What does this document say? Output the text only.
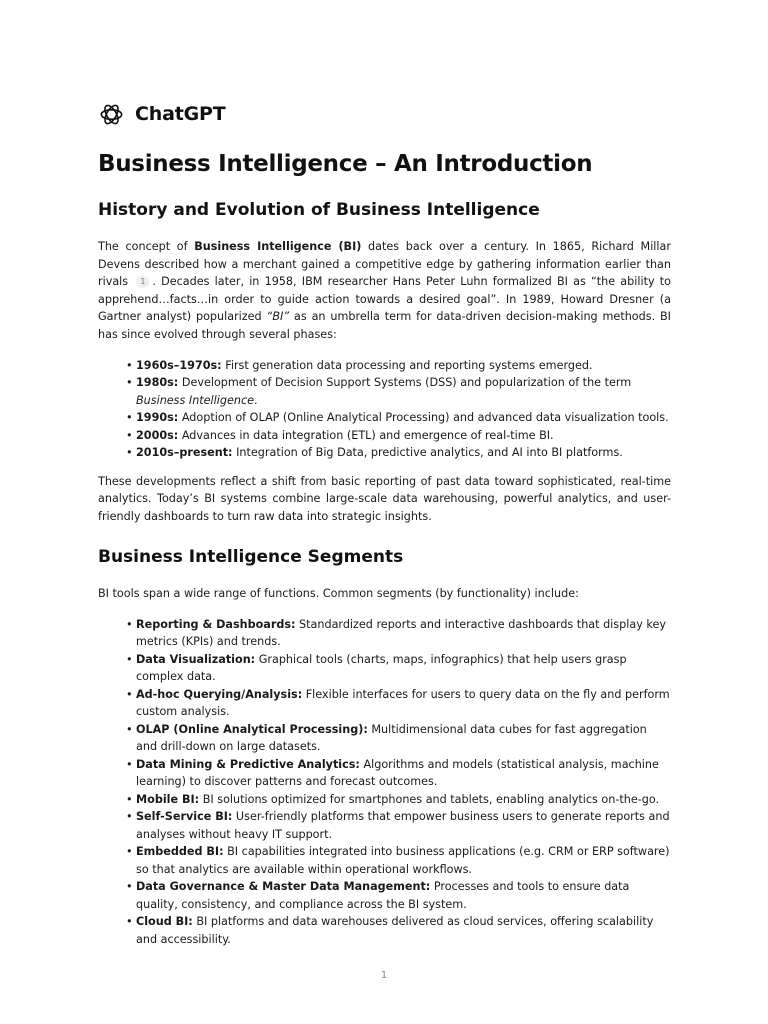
ChatGPT
Business Intelligence – An Introduction
History and Evolution of Business Intelligence

The concept of Business Intelligence (BI) dates back over a century. In 1865, Richard Millar Devens described how a merchant gained a competitive edge by gathering information earlier than rivals 1 . Decades later, in 1958, IBM researcher Hans Peter Luhn formalized BI as “the ability to apprehend…facts…in order to guide action towards a desired goal”. In 1989, Howard Dresner (a Gartner analyst) popularized “BI” as an umbrella term for data-driven decision-making methods. BI has since evolved through several phases:

• 1960s–1970s: First generation data processing and reporting systems emerged.
• 1980s: Development of Decision Support Systems (DSS) and popularization of the term Business Intelligence.
• 1990s: Adoption of OLAP (Online Analytical Processing) and advanced data visualization tools.
• 2000s: Advances in data integration (ETL) and emergence of real-time BI.
• 2010s–present: Integration of Big Data, predictive analytics, and AI into BI platforms.

These developments reflect a shift from basic reporting of past data toward sophisticated, real-time analytics. Today’s BI systems combine large-scale data warehousing, powerful analytics, and user-friendly dashboards to turn raw data into strategic insights.

Business Intelligence Segments

BI tools span a wide range of functions. Common segments (by functionality) include:

• Reporting & Dashboards: Standardized reports and interactive dashboards that display key metrics (KPIs) and trends.
• Data Visualization: Graphical tools (charts, maps, infographics) that help users grasp complex data.
• Ad-hoc Querying/Analysis: Flexible interfaces for users to query data on the fly and perform custom analysis.
• OLAP (Online Analytical Processing): Multidimensional data cubes for fast aggregation and drill-down on large datasets.
• Data Mining & Predictive Analytics: Algorithms and models (statistical analysis, machine learning) to discover patterns and forecast outcomes.
• Mobile BI: BI solutions optimized for smartphones and tablets, enabling analytics on-the-go.
• Self-Service BI: User-friendly platforms that empower business users to generate reports and analyses without heavy IT support.
• Embedded BI: BI capabilities integrated into business applications (e.g. CRM or ERP software) so that analytics are available within operational workflows.
• Data Governance & Master Data Management: Processes and tools to ensure data quality, consistency, and compliance across the BI system.
• Cloud BI: BI platforms and data warehouses delivered as cloud services, offering scalability and accessibility.
1
